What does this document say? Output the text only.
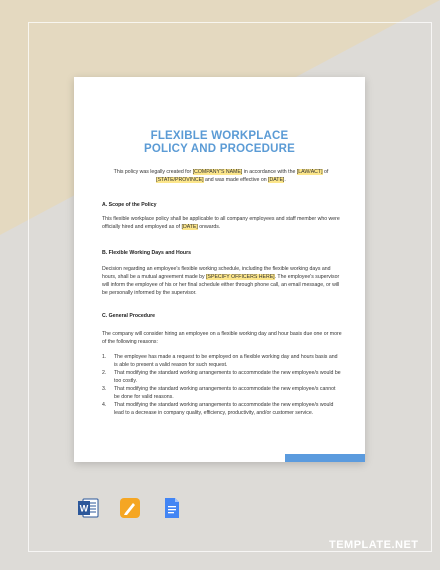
FLEXIBLE WORKPLACE
POLICY AND PROCEDURE
This policy was legally created for [COMPANY'S NAME] in accordance with the [LAW/ACT] of
[STATE/PROVINCE] and was made effective on [DATE].
A. Scope of the Policy
This flexible workplace policy shall be applicable to all company employees and staff member who were officially hired and employed as of [DATE] onwards.
B. Flexible Working Days and Hours
Decision regarding an employee's flexible working schedule, including the flexible working days and hours, shall be a mutual agreement made by [SPECIFY OFFICERS HERE]. The employee's supervisor will inform the employee of his or her final schedule either through phone call, an email message, or will be personally informed by the supervisor.
C. General Procedure
The company will consider hiring an employee on a flexible working day and hour basis due one or more of the following reasons:
1. The employee has made a request to be employed on a flexible working day and hours basis and is able to present a valid reason for such request.
2. That modifying the standard working arrangements to accommodate the new employee/s would be too costly.
3. That modifying the standard working arrangements to accommodate the new employee/s cannot be done for valid reasons.
4. That modifying the standard working arrangements to accommodate the new employee/s would lead to a decrease in company quality, efficiency, productivity, and/or customer service.
W
TEMPLATE.NET
